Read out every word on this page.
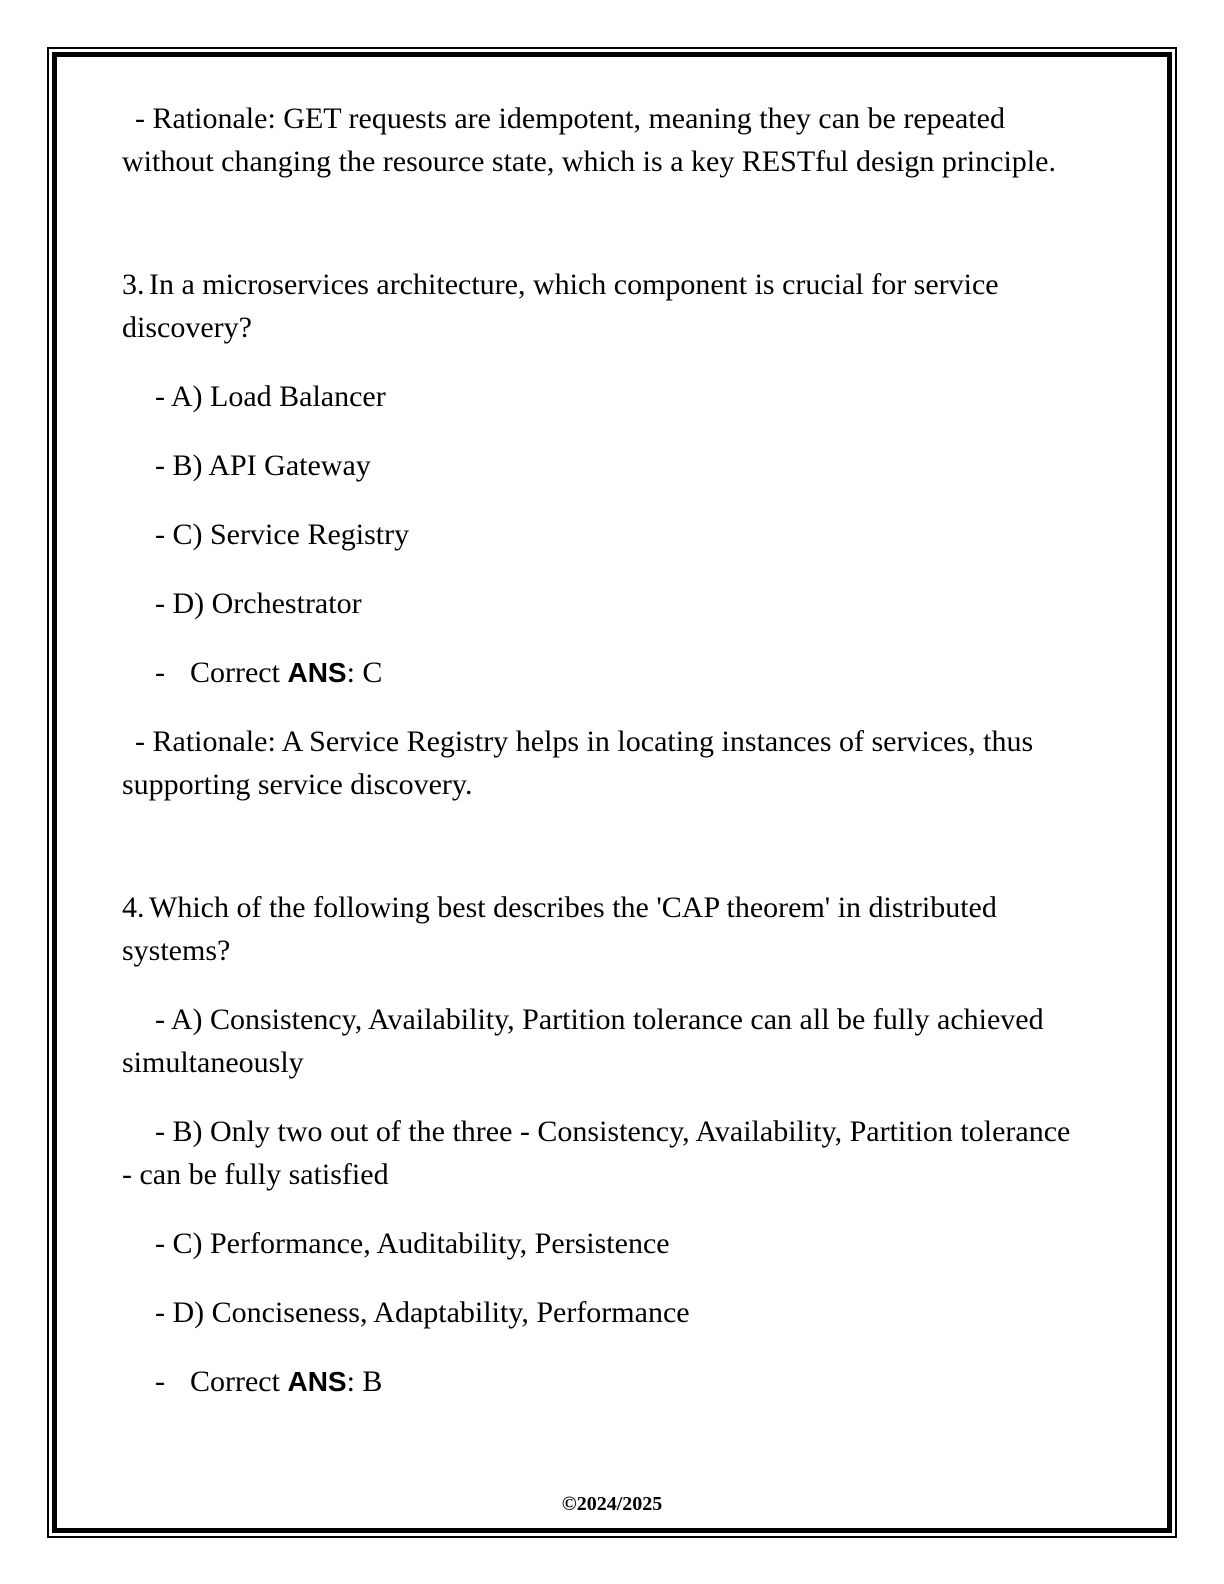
- Rationale: GET requests are idempotent, meaning they can be repeated without changing the resource state, which is a key RESTful design principle.

3. In a microservices architecture, which component is crucial for service discovery?

- A) Load Balancer

- B) API Gateway

- C) Service Registry

- D) Orchestrator

- Correct ANS: C

- Rationale: A Service Registry helps in locating instances of services, thus supporting service discovery.

4. Which of the following best describes the 'CAP theorem' in distributed systems?

- A) Consistency, Availability, Partition tolerance can all be fully achieved simultaneously

- B) Only two out of the three - Consistency, Availability, Partition tolerance - can be fully satisfied

- C) Performance, Auditability, Persistence

- D) Conciseness, Adaptability, Performance

- Correct ANS: B

©2024/2025
